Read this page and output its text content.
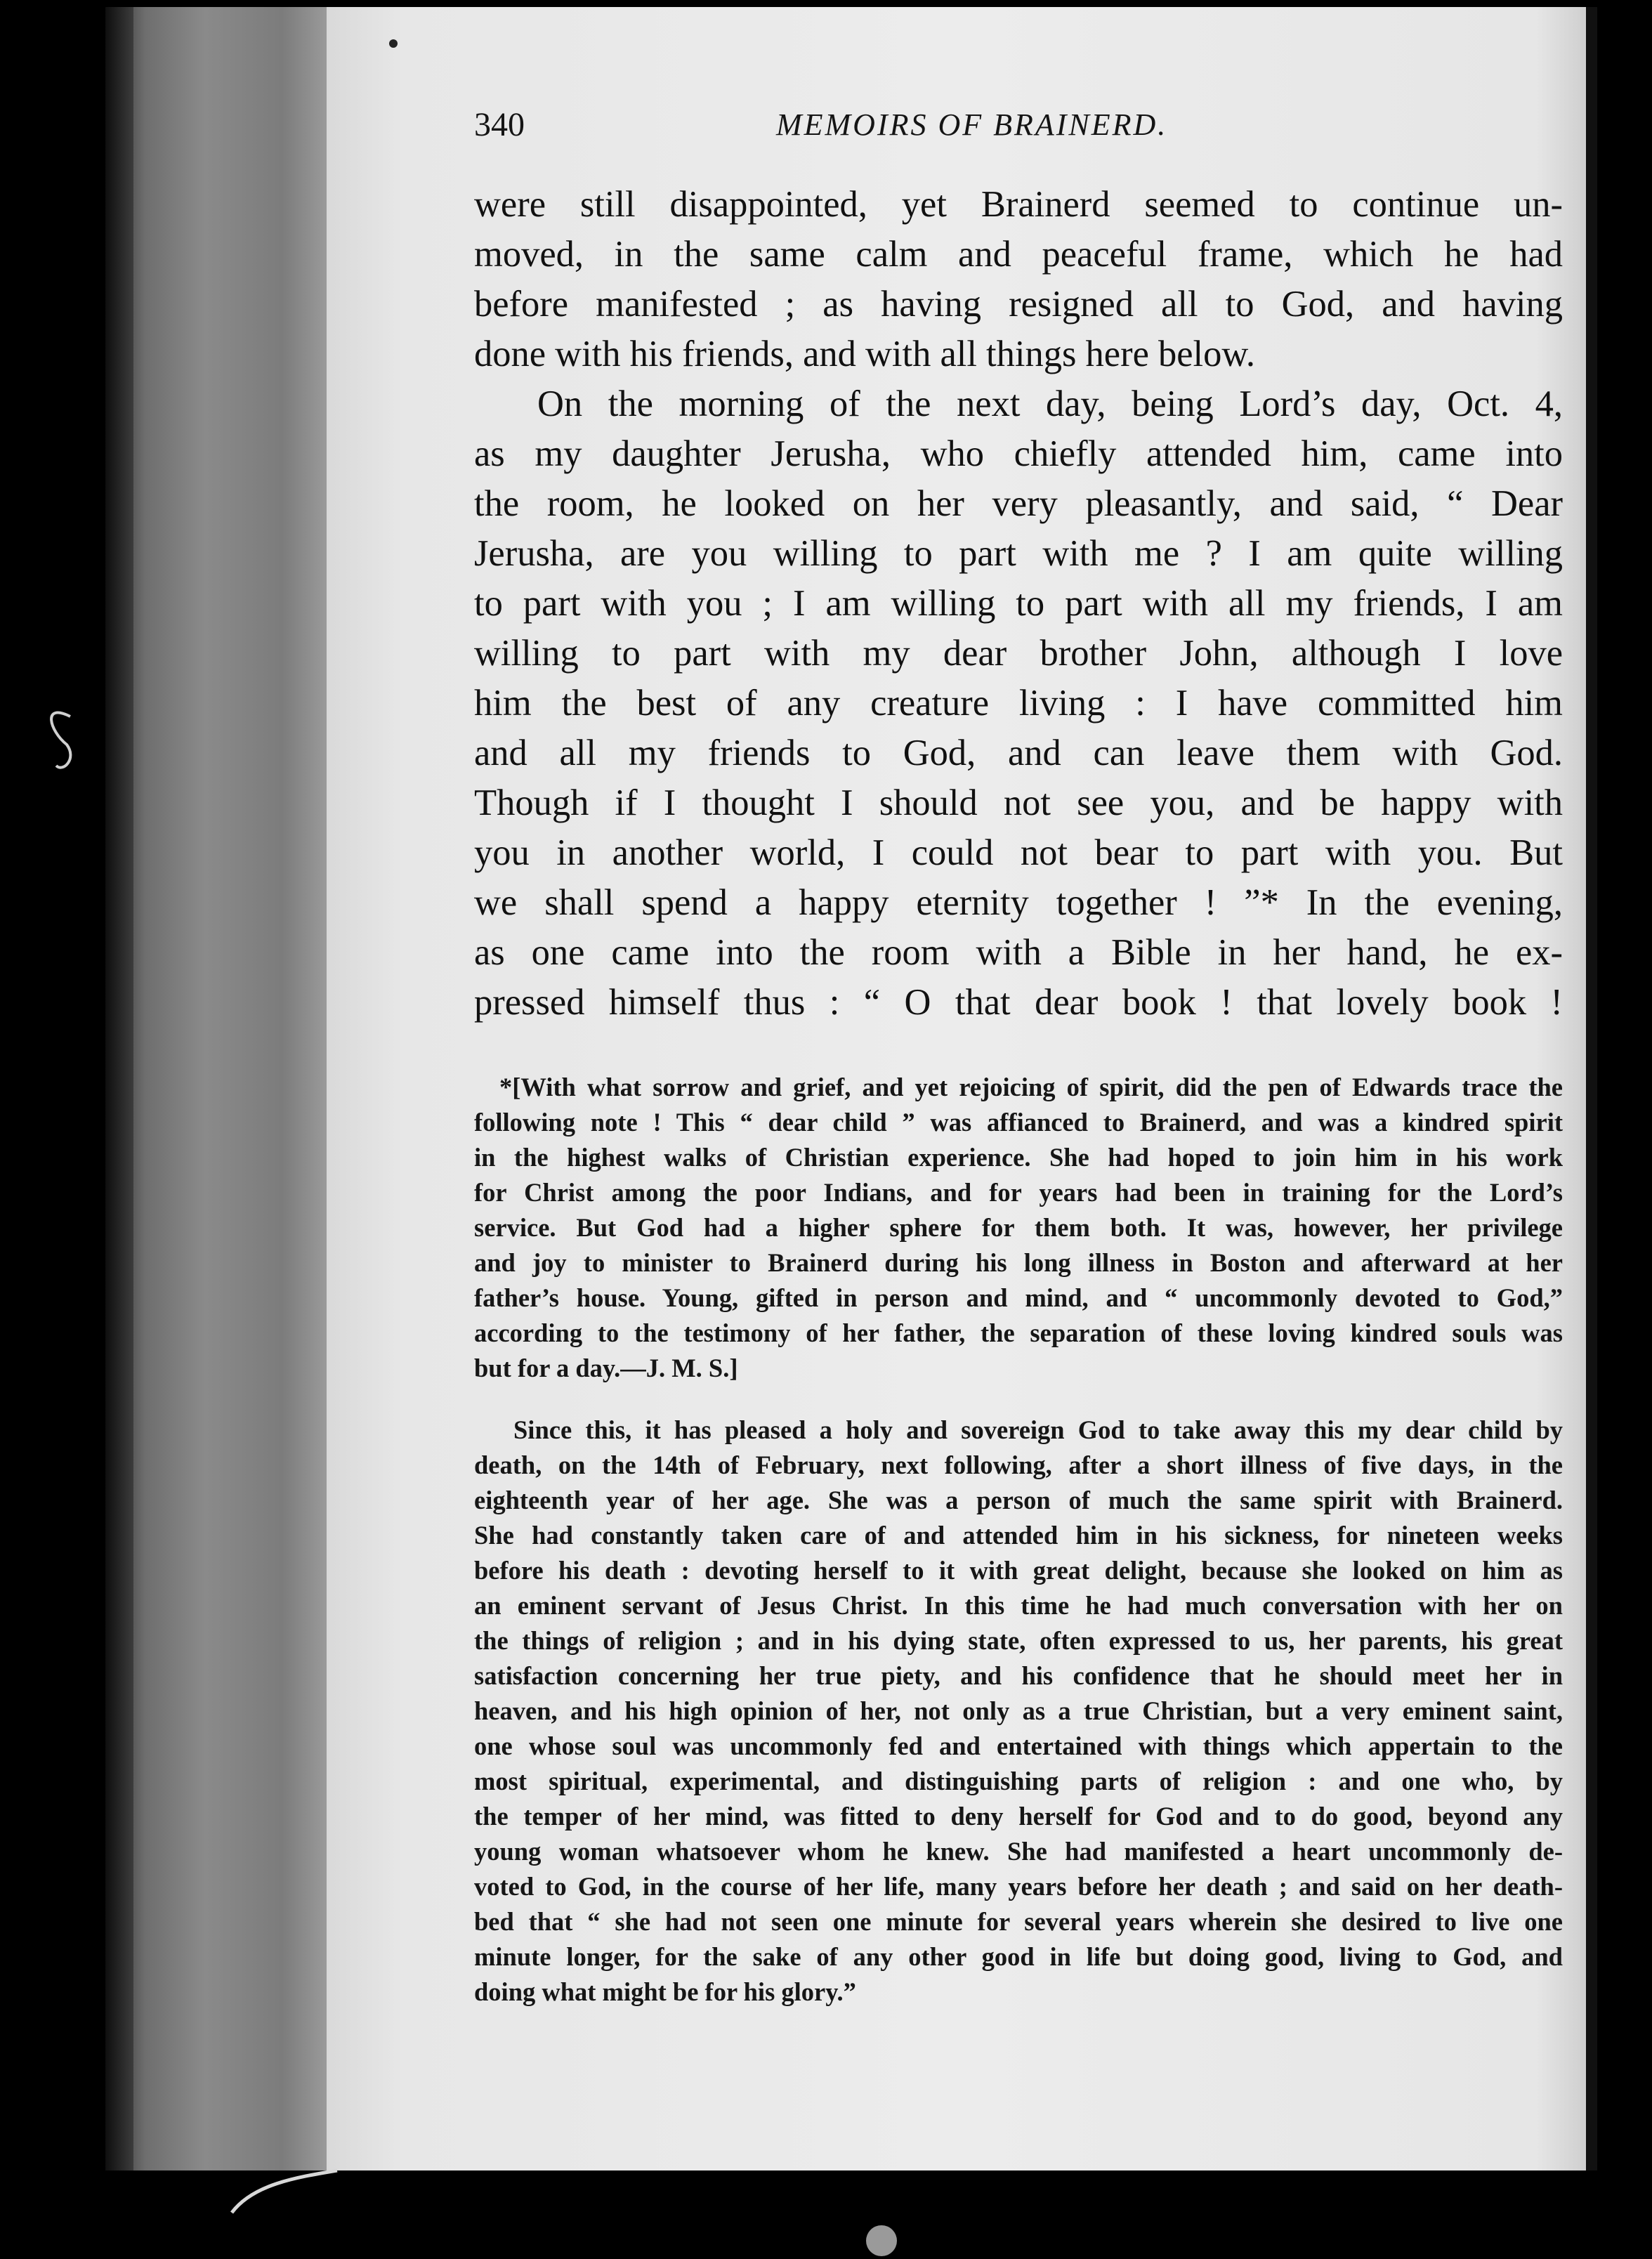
340	MEMOIRS OF BRAINERD.

were still disappointed, yet Brainerd seemed to continue un-

moved, in the same calm and peaceful frame, which he had

before manifested ; as having resigned all to God, and having

done with his friends, and with all things here below.

On the morning of the next day, being Lord’s day, Oct. 4,

as my daughter Jerusha, who chiefly attended him, came into

the room, he looked on her very pleasantly, and said, “ Dear

Jerusha, are you willing to part with me ? I am quite willing

to part with you ; I am willing to part with all my friends, I am

willing to part with my dear brother John, although I love

him the best of any creature living : I have committed him

and all my friends to God, and can leave them with God.

Though if I thought I should not see you, and be happy with

you in another world, I could not bear to part with you. But

we shall spend a happy eternity together ! ”* In the evening,

as one came into the room with a Bible in her hand, he ex-

pressed himself thus : “ O that dear book ! that lovely book !

*[With what sorrow and grief, and yet rejoicing of spirit, did the pen of Edwards trace the

following note ! This “ dear child ” was affianced to Brainerd, and was a kindred spirit

in the highest walks of Christian experience. She had hoped to join him in his work

for Christ among the poor Indians, and for years had been in training for the Lord’s

service. But God had a higher sphere for them both. It was, however, her privilege

and joy to minister to Brainerd during his long illness in Boston and afterward at her

father’s house. Young, gifted in person and mind, and “ uncommonly devoted to God,”

according to the testimony of her father, the separation of these loving kindred souls was

but for a day.—J. M. S.]

Since this, it has pleased a holy and sovereign God to take away this my dear child by

death, on the 14th of February, next following, after a short illness of five days, in the

eighteenth year of her age. She was a person of much the same spirit with Brainerd.

She had constantly taken care of and attended him in his sickness, for nineteen weeks

before his death : devoting herself to it with great delight, because she looked on him as

an eminent servant of Jesus Christ. In this time he had much conversation with her on

the things of religion ; and in his dying state, often expressed to us, her parents, his great

satisfaction concerning her true piety, and his confidence that he should meet her in

heaven, and his high opinion of her, not only as a true Christian, but a very eminent saint,

one whose soul was uncommonly fed and entertained with things which appertain to the

most spiritual, experimental, and distinguishing parts of religion : and one who, by

the temper of her mind, was fitted to deny herself for God and to do good, beyond any

young woman whatsoever whom he knew. She had manifested a heart uncommonly de-

voted to God, in the course of her life, many years before her death ; and said on her death-

bed that “ she had not seen one minute for several years wherein she desired to live one

minute longer, for the sake of any other good in life but doing good, living to God, and

doing what might be for his glory.”
